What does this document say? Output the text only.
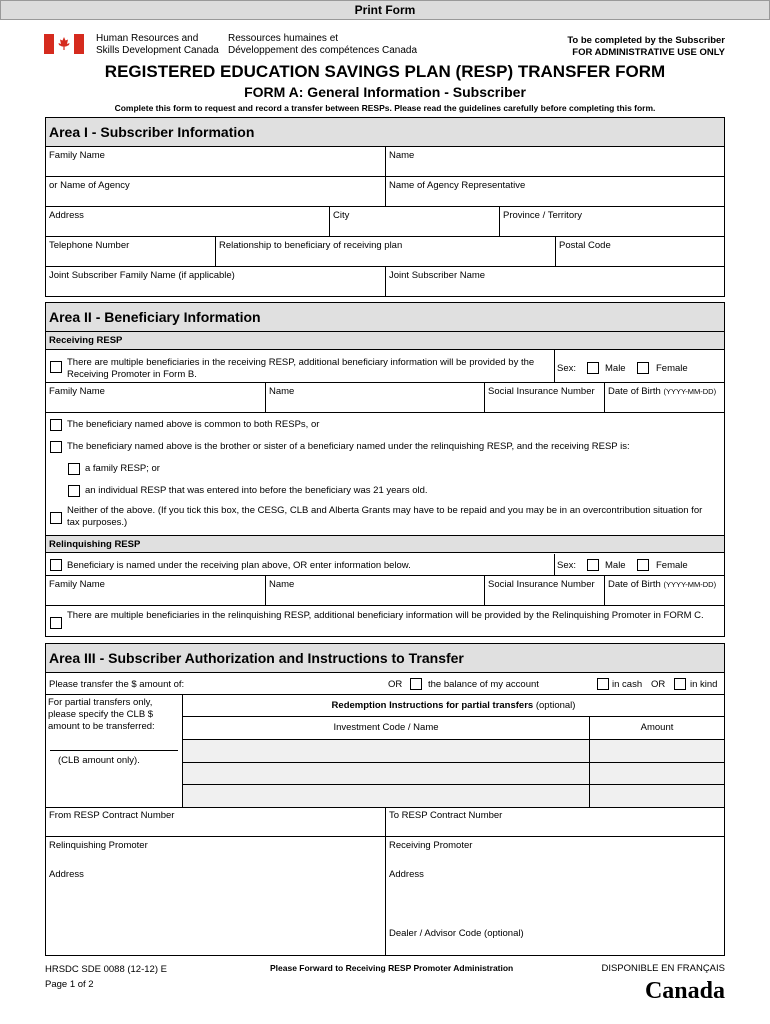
Print Form
Human Resources and
Skills Development Canada
Ressources humaines et
Développement des compétences Canada
To be completed by the Subscriber
FOR ADMINISTRATIVE USE ONLY
REGISTERED EDUCATION SAVINGS PLAN (RESP) TRANSFER FORM
FORM A: General Information - Subscriber
Complete this form to request and record a transfer between RESPs. Please read the guidelines carefully before completing this form.
Area I - Subscriber Information
Family Name	Name
or Name of Agency	Name of Agency Representative
Address	City	Province / Territory
Telephone Number	Relationship to beneficiary of receiving plan	Postal Code
Joint Subscriber Family Name (if applicable)	Joint Subscriber Name
Area II - Beneficiary Information
Receiving RESP
There are multiple beneficiaries in the receiving RESP, additional beneficiary information will be provided by the Receiving Promoter in Form B.
Sex:	Male	Female
Family Name	Name	Social Insurance Number	Date of Birth (YYYY-MM-DD)
The beneficiary named above is common to both RESPs, or
The beneficiary named above is the brother or sister of a beneficiary named under the relinquishing RESP, and the receiving RESP is:
a family RESP; or
an individual RESP that was entered into before the beneficiary was 21 years old.
Neither of the above. (If you tick this box, the CESG, CLB and Alberta Grants may have to be repaid and you may be in an overcontribution situation for tax purposes.)
Relinquishing RESP
Beneficiary is named under the receiving plan above, OR enter information below.	Sex:	Male	Female
Family Name	Name	Social Insurance Number	Date of Birth (YYYY-MM-DD)
There are multiple beneficiaries in the relinquishing RESP, additional beneficiary information will be provided by the Relinquishing Promoter in FORM C.
Area III - Subscriber Authorization and Instructions to Transfer
Please transfer the $ amount of:	OR	the balance of my account	in cash OR	in kind
For partial transfers only, please specify the CLB $ amount to be transferred:
(CLB amount only).
Redemption Instructions for partial transfers (optional)
Investment Code / Name	Amount
From RESP Contract Number	To RESP Contract Number
Relinquishing Promoter
Address
Receiving Promoter
Address
Dealer / Advisor Code (optional)
HRSDC SDE 0088 (12-12) E
Page 1 of 2
Please Forward to Receiving RESP Promoter Administration	DISPONIBLE EN FRANÇAIS
Canada
